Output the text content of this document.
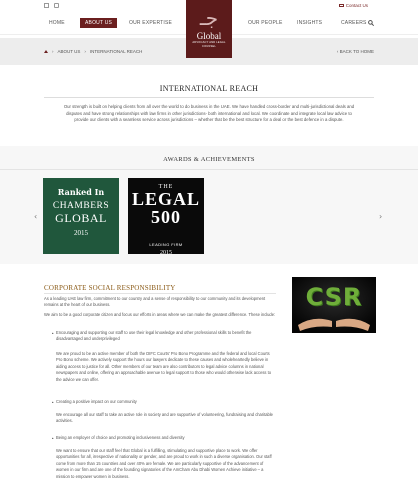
Contact Us
HOME	ABOUT US	OUR EXPERTISE	OUR PEOPLE	INSIGHTS	CAREERS
جـ
Global
ADVOCACY AND LEGAL COUNSEL
› ABOUT US › INTERNATIONAL REACH	‹ BACK TO HOME
INTERNATIONAL REACH
Our strength is built on helping clients from all over the world to do business in the UAE. We have handled cross-border and multi-jurisdictional deals and disputes and have strong relationships with law firms in other jurisdictions- both international and local. We coordinate and integrate local law advice to provide our clients with a seamless service across jurisdictions – whether that be the best structure for a deal or the best defence in a dispute.
AWARDS & ACHIEVEMENTS
‹	›
Ranked In
CHAMBERS
GLOBAL
2015
THE
LEGAL 500
LEADING FIRM
2015
CORPORATE SOCIAL RESPONSIBILITY
As a leading UAE law firm, commitment to our country and a sense of responsibility to our community and its development remains at the heart of our business.
We aim to be a good corporate citizen and focus our efforts in areas where we can make the greatest difference. These include:
• Encouraging and supporting our staff to use their legal knowledge and other professional skills to benefit the disadvantaged and underprivileged
We are proud to be an active member of both the DIFC Courts' Pro Bono Programme and the federal and local Courts Pro Bono scheme. We actively support the hours our lawyers dedicate to these causes and wholeheartedly believe in aiding access to justice for all. Other members of our team are also contributors to legal advice columns in national newspapers and online, offering an approachable avenue to legal support to those who would otherwise lack access to the advice we can offer.
• Creating a positive impact on our community
We encourage all our staff to take an active role in society and are supportive of volunteering, fundraising and charitable activities.
• Being an employer of choice and promoting inclusiveness and diversity
We want to ensure that our staff feel that Global is a fulfilling, stimulating and supportive place to work. We offer opportunities for all, irrespective of nationality or gender, and are proud to work in such a diverse organisation. Our staff come from more than 15 countries and over 40% are female. We are particularly supportive of the advancement of women in our firm and are one of the founding signatories of the AmCham Abu Dhabi Women Achieve initiative – a mission to empower women in business.
CSR
